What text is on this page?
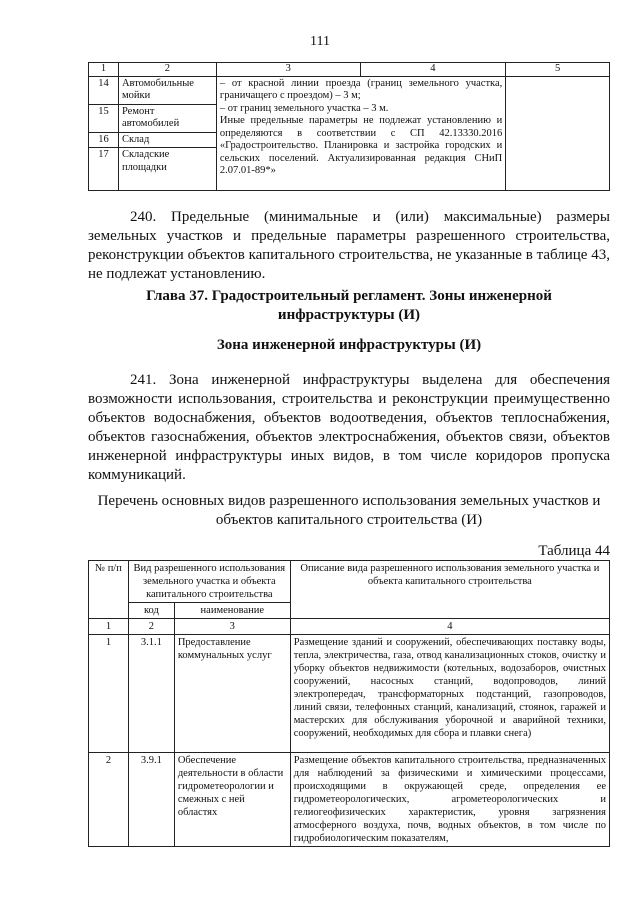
111
1	2	3	4	5
14	Автомобильные мойки	– от красной линии проезда (границ земельного участка, граничащего с проездом) – 3 м;
– от границ земельного участка – 3 м.
Иные предельные параметры не подлежат установлению и определяются в соответствии с СП 42.13330.2016 «Градостроительство. Планировка и застройка городских и сельских поселений. Актуализированная редакция СНиП 2.07.01-89*»		

15	Ремонт автомобилей			
16	Склад			
17	Складские площадки			

240. Предельные (минимальные и (или) максимальные) размеры земельных участков и предельные параметры разрешенного строительства, реконструкции объектов капитального строительства, не указанные в таблице 43, не подлежат установлению.

Глава 37. Градостроительный регламент. Зоны инженерной инфраструктуры (И)

Зона инженерной инфраструктуры (И)

241. Зона инженерной инфраструктуры выделена для обеспечения возможности использования, строительства и реконструкции преимущественно объектов водоснабжения, объектов водоотведения, объектов теплоснабжения, объектов газоснабжения, объектов электроснабжения, объектов связи, объектов инженерной инфраструктуры иных видов, в том числе коридоров пропуска коммуникаций.

Перечень основных видов разрешенного использования земельных участков и объектов капитального строительства (И)

Таблица 44

№ п/п	Вид разрешенного использования земельного участка и объекта капитального строительства		Описание вида разрешенного использования земельного участка и объекта капитального строительства
	код	наименование	
1	2	3	4
1	3.1.1	Предоставление коммунальных услуг	Размещение зданий и сооружений, обеспечивающих поставку воды, тепла, электричества, газа, отвод канализационных стоков, очистку и уборку объектов недвижимости (котельных, водозаборов, очистных сооружений, насосных станций, водопроводов, линий электропередач, трансформаторных подстанций, газопроводов, линий связи, телефонных станций, канализаций, стоянок, гаражей и мастерских для обслуживания уборочной и аварийной техники, сооружений, необходимых для сбора и плавки снега)
2	3.9.1	Обеспечение деятельности в области гидрометеорологии и смежных с ней областях	Размещение объектов капитального строительства, предназначенных для наблюдений за физическими и химическими процессами, происходящими в окружающей среде, определения ее гидрометеорологических, агрометеорологических и гелиогеофизических характеристик, уровня загрязнения атмосферного воздуха, почв, водных объектов, в том числе по гидробиологическим показателям,
